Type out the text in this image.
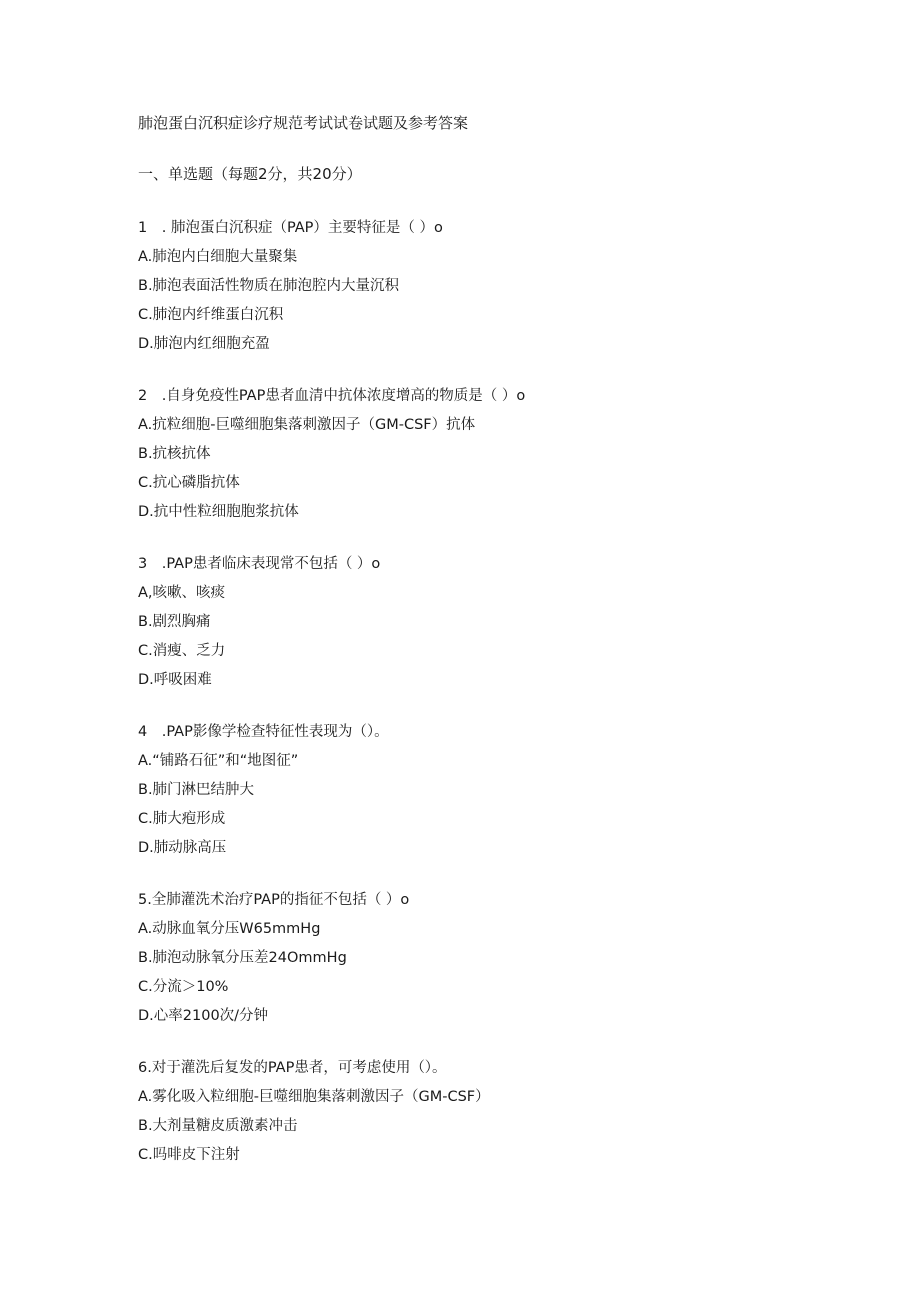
肺泡蛋白沉积症诊疗规范考试试卷试题及参考答案
一、单选题（每题2分，共20分）
1　. 肺泡蛋白沉积症（PAP）主要特征是（ ）o
A.肺泡内白细胞大量聚集
B.肺泡表面活性物质在肺泡腔内大量沉积
C.肺泡内纤维蛋白沉积
D.肺泡内红细胞充盈
2　.自身免疫性PAP患者血清中抗体浓度增高的物质是（ ）o
A.抗粒细胞-巨噬细胞集落刺激因子（GM-CSF）抗体
B.抗核抗体
C.抗心磷脂抗体
D.抗中性粒细胞胞浆抗体
3　.PAP患者临床表现常不包括（ ）o
A,咳嗽、咳痰
B.剧烈胸痛
C.消瘦、乏力
D.呼吸困难
4　.PAP影像学检查特征性表现为（）。
A.“铺路石征”和“地图征”
B.肺门淋巴结肿大
C.肺大疱形成
D.肺动脉高压
5.全肺灌洗术治疗PAP的指征不包括（ ）o
A.动脉血氧分压W65mmHg
B.肺泡动脉氧分压差24OmmHg
C.分流＞10%
D.心率2100次/分钟
6.对于灌洗后复发的PAP患者，可考虑使用（）。
A.雾化吸入粒细胞-巨噬细胞集落刺激因子（GM-CSF）
B.大剂量糖皮质激素冲击
C.吗啡皮下注射
